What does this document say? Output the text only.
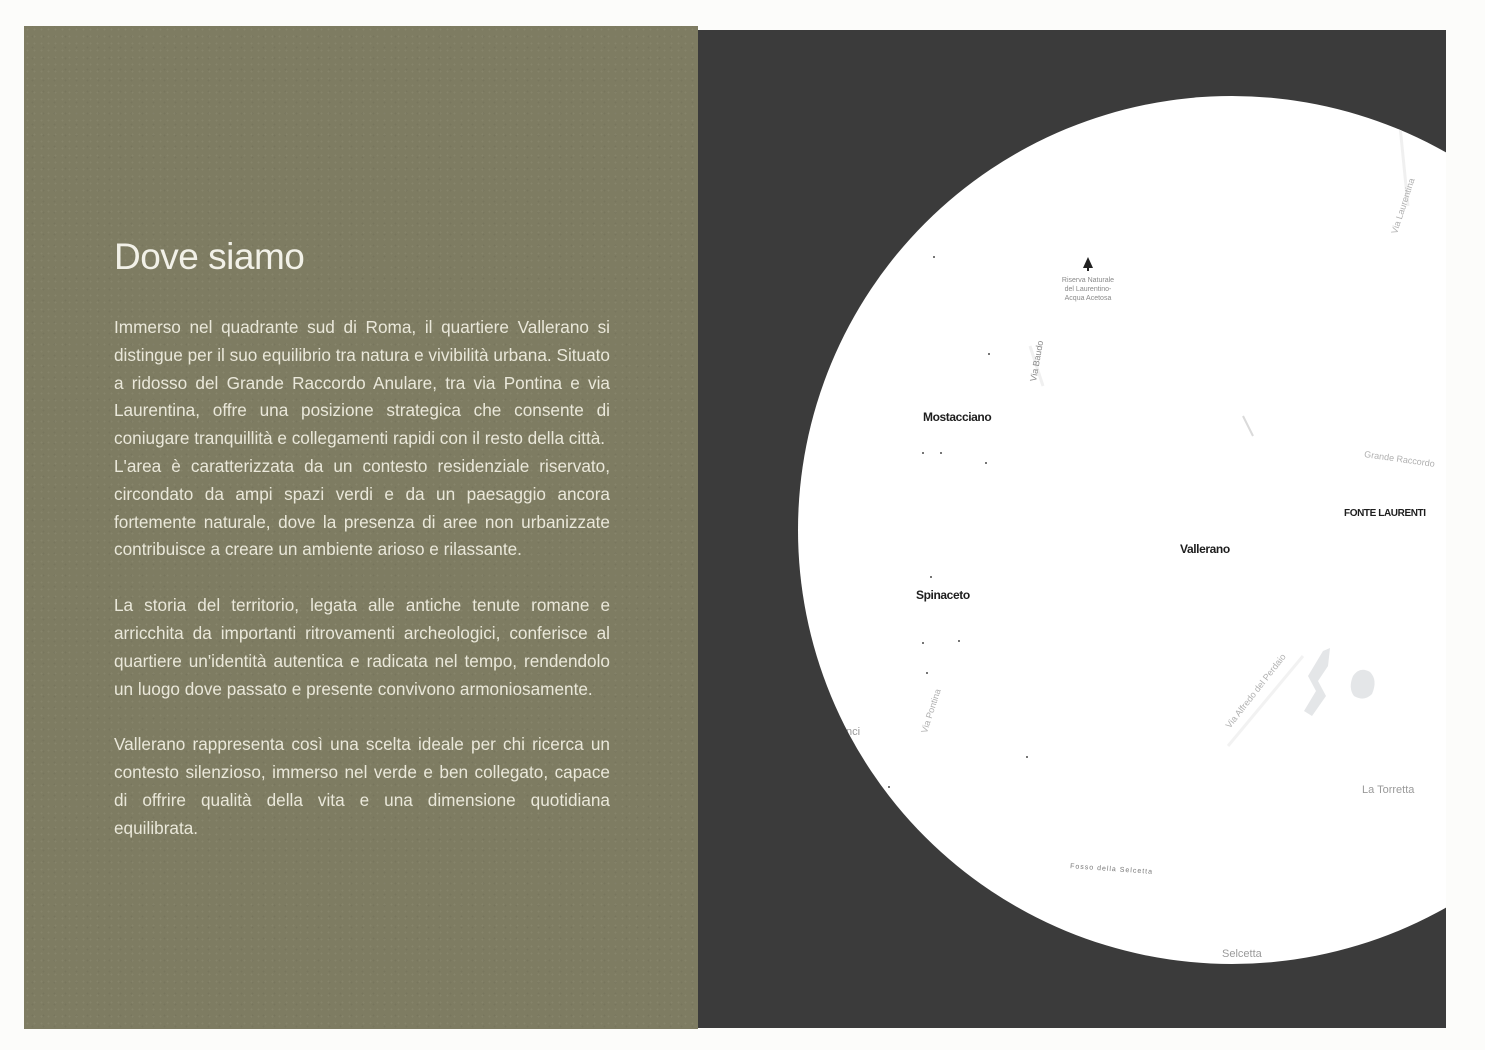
Dove siamo

Immerso nel quadrante sud di Roma, il quartiere Vallerano si distingue per il suo equilibrio tra natura e vivibilità urbana. Situato a ridosso del Grande Raccordo Anulare, tra via Pontina e via Laurentina, offre una posizione strategica che consente di coniugare tranquillità e collegamenti rapidi con il resto della città.

L'area è caratterizzata da un contesto residenziale riservato, circondato da ampi spazi verdi e da un paesaggio ancora fortemente naturale, dove la presenza di aree non urbanizzate contribuisce a creare un ambiente arioso e rilassante.

La storia del territorio, legata alle antiche tenute romane e arricchita da importanti ritrovamenti archeologici, conferisce al quartiere un'identità autentica e radicata nel tempo, rendendolo un luogo dove passato e presente convivono armoniosamente.

Vallerano rappresenta così una scelta ideale per chi ricerca un contesto silenzioso, immerso nel verde e ben collegato, capace di offrire qualità della vita e una dimensione quotidiana equilibrata.

Riserva Naturale
del Laurentino-
Acqua Acetosa
Mostacciano
Vallerano
Spinaceto
FONTE LAURENTI
Cenci
La Torretta
Selcetta
Via Laurentina
Via Baudo
Grande Raccordo
Via Pontina	Via Alfredo del Perdaio
Fosso della Selcetta
